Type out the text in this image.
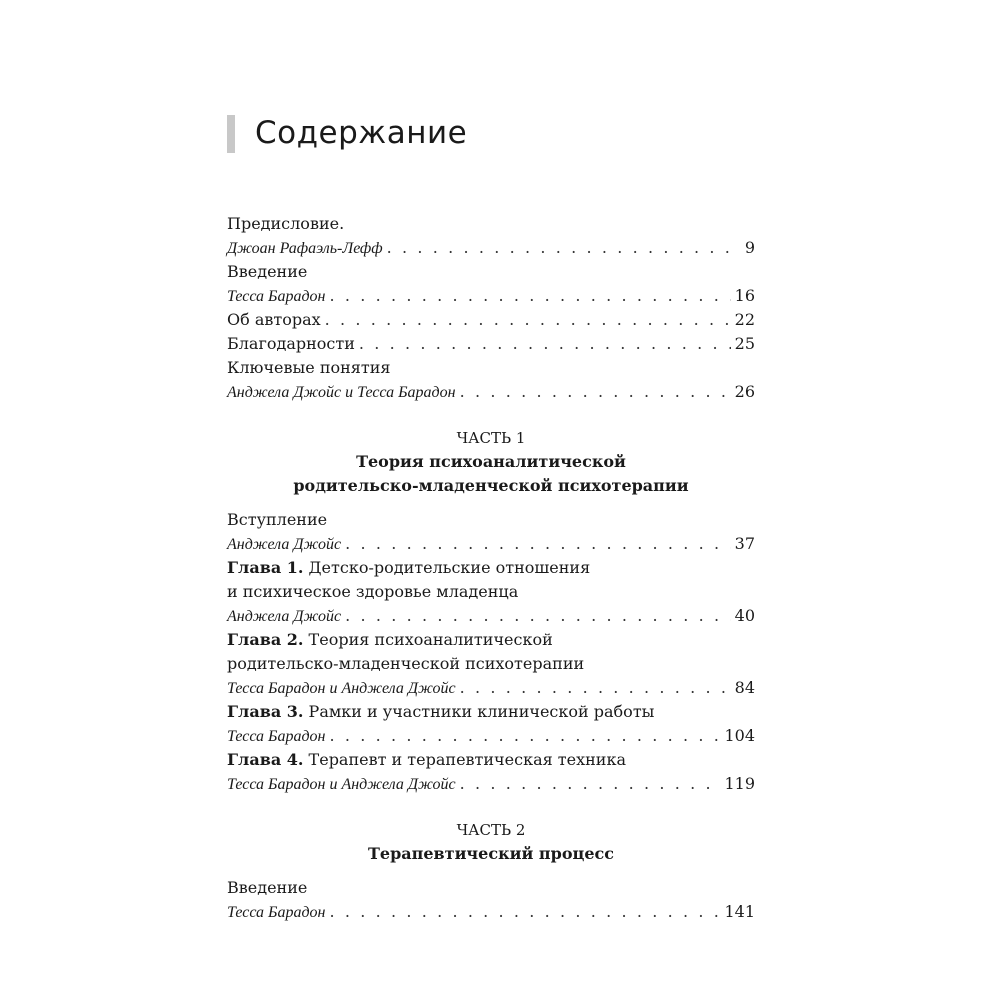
Содержание
Предисловие.
Джоан Рафаэль-Лефф . . .	9
Введение
Тесса Барадон . . .	16
Об авторах . . .	22
Благодарности . . .	25
Ключевые понятия
Анджела Джойс и Тесса Барадон . . .	26
ЧАСТЬ 1
Теория психоаналитической
родительско-младенческой психотерапии
Вступление
Анджела Джойс . . .	37
Глава 1. Детско-родительские отношения
и психическое здоровье младенца
Анджела Джойс . . .	40
Глава 2. Теория психоаналитической
родительско-младенческой психотерапии
Тесса Барадон и Анджела Джойс . . .	84
Глава 3. Рамки и участники клинической работы
Тесса Барадон . . .	104
Глава 4. Терапевт и терапевтическая техника
Тесса Барадон и Анджела Джойс . . .	119
ЧАСТЬ 2
Терапевтический процесс
Введение
Тесса Барадон . . .	141
